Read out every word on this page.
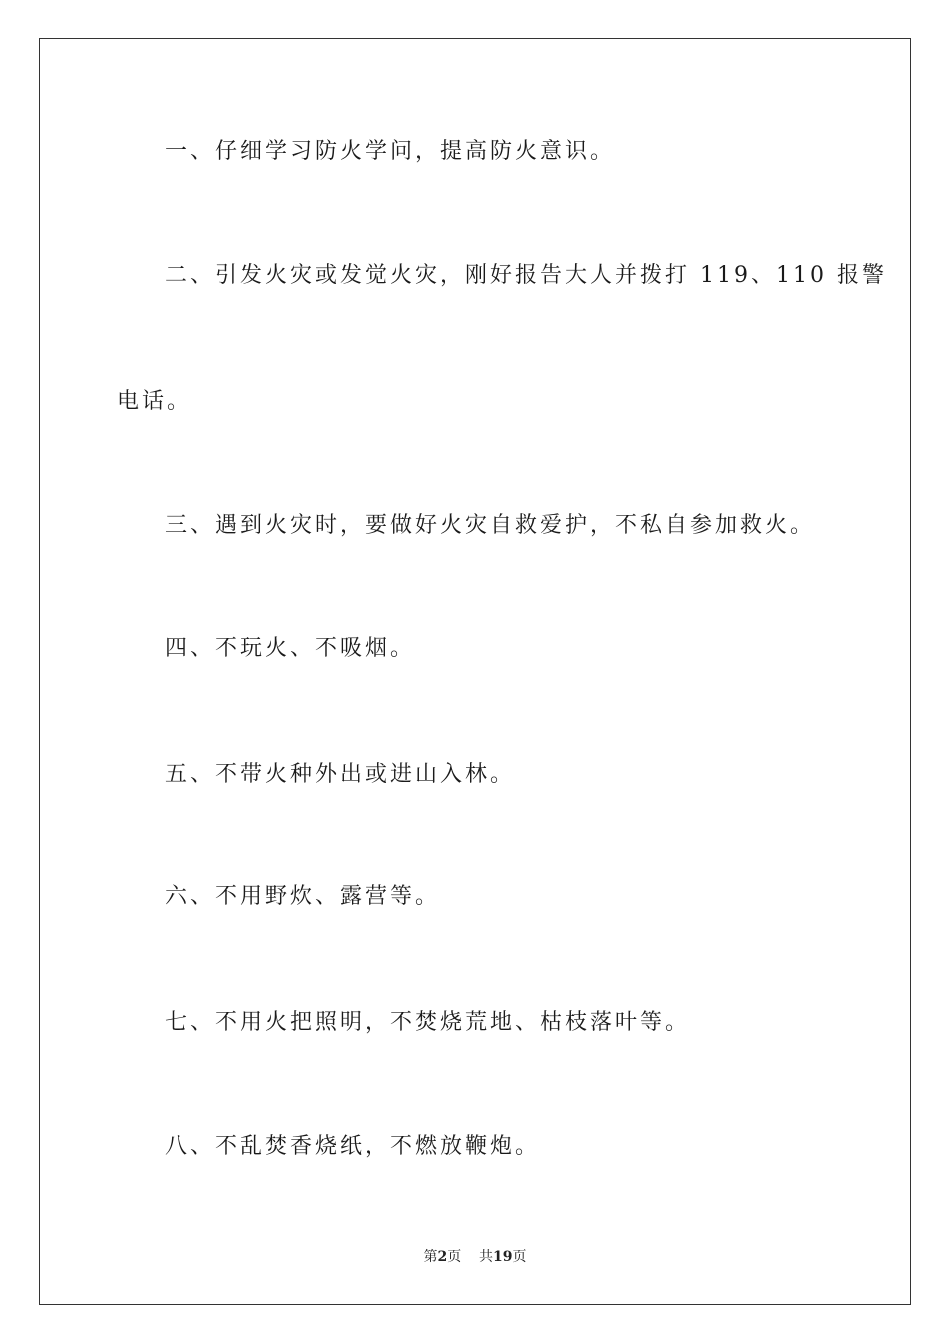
一、仔细学习防火学问，提高防火意识。
二、引发火灾或发觉火灾，刚好报告大人并拨打 119、110 报警
电话。
三、遇到火灾时，要做好火灾自救爱护，不私自参加救火。
四、不玩火、不吸烟。
五、不带火种外出或进山入林。
六、不用野炊、露营等。
七、不用火把照明，不焚烧荒地、枯枝落叶等。
八、不乱焚香烧纸，不燃放鞭炮。
第2页 共19页
